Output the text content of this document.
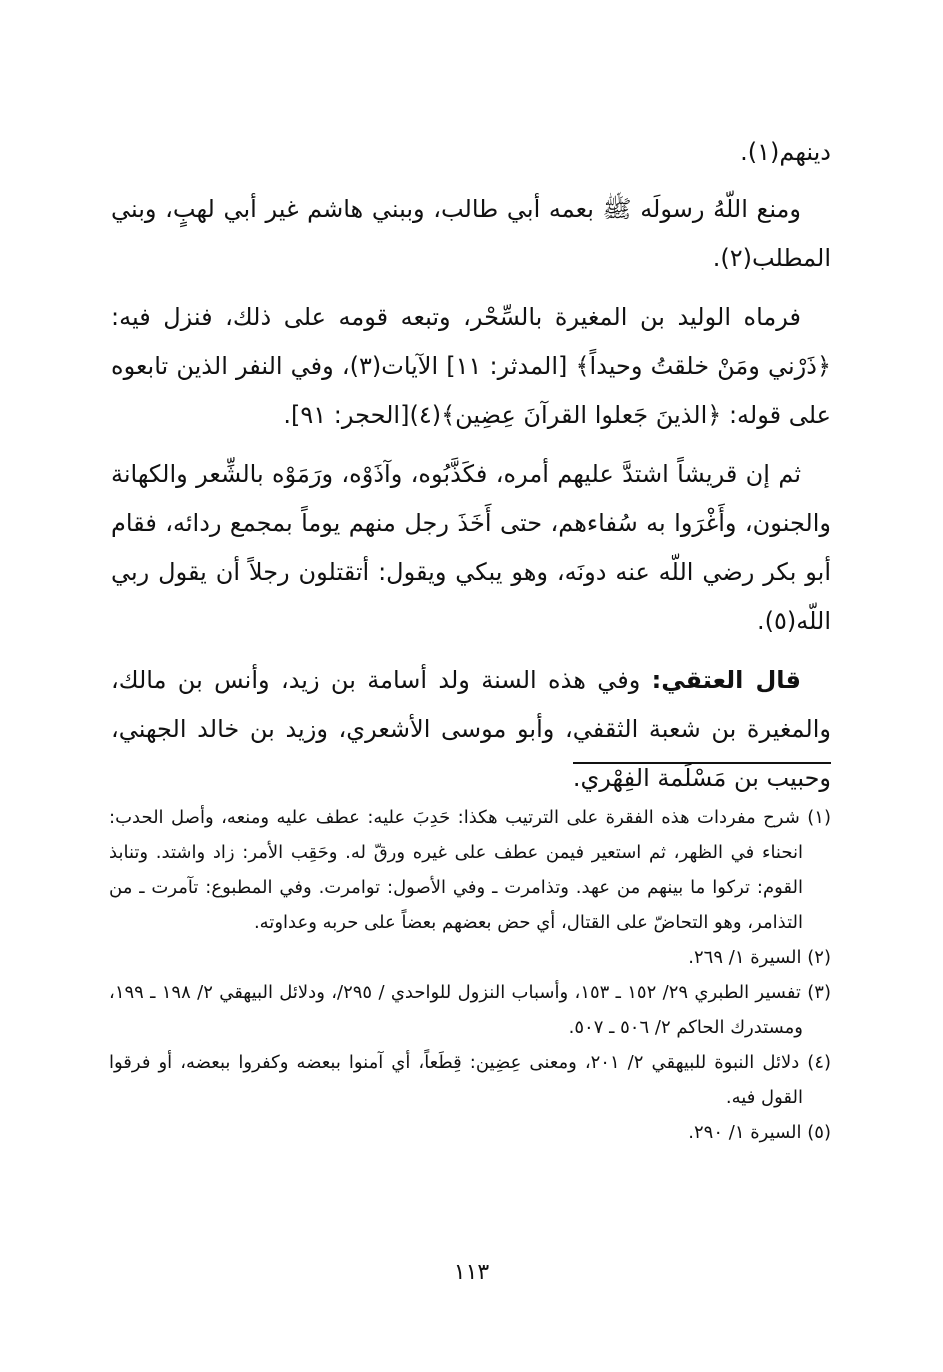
دينهم(١).

ومنع اللّهُ رسولَه ﷺ بعمه أبي طالب، وببني هاشم غير أبي لهبٍ، وبني المطلب(٢).

فرماه الوليد بن المغيرة بالسِّحْر، وتبعه قومه على ذلك، فنزل فيه: ﴿ذَرْني ومَنْ خلقتُ وحيداً﴾ [المدثر: ١١] الآيات(٣)، وفي النفر الذين تابعوه على قوله: ﴿الذينَ جَعلوا القرآنَ عِضِين﴾(٤)[الحجر: ٩١].

ثم إن قريشاً اشتدَّ عليهم أمره، فكَذَّبُوه، وآذَوْه، ورَمَوْه بالشِّعر والكهانة والجنون، وأَغْرَوا به سُفاءهم، حتى أَخَذَ رجل منهم يوماً بمجمع ردائه، فقام أبو بكر رضي اللّه عنه دونَه، وهو يبكي ويقول: أتقتلون رجلاً أن يقول ربي اللّه(٥).

قال العتقي: وفي هذه السنة ولد أسامة بن زيد، وأنس بن مالك، والمغيرة بن شعبة الثقفي، وأبو موسى الأشعري، وزيد بن خالد الجهني، وحبيب بن مَسْلَمة الفِهْري.

(١) شرح مفردات هذه الفقرة على الترتيب هكذا: حَدِبَ عليه: عطف عليه ومنعه، وأصل الحدب: انحناء في الظهر، ثم استعير فيمن عطف على غيره ورقّ له. وحَقِب الأمر: زاد واشتد. وتنابذ القوم: تركوا ما بينهم من عهد. وتذامرت ـ وفي الأصول: توامرت. وفي المطبوع: تآمرت ـ من التذامر، وهو التحاضّ على القتال، أي حض بعضهم بعضاً على حربه وعداوته.

(٢) السيرة ١/ ٢٦٩.

(٣) تفسير الطبري ٢٩/ ١٥٢ ـ ١٥٣، وأسباب النزول للواحدي / ٢٩٥/، ودلائل البيهقي ٢/ ١٩٨ ـ ١٩٩، ومستدرك الحاكم ٢/ ٥٠٦ ـ ٥٠٧.

(٤) دلائل النبوة للبيهقي ٢/ ٢٠١، ومعنى عِضِين: قِطَعاً، أي آمنوا ببعضه وكفروا ببعضه، أو فرقوا القول فيه.

(٥) السيرة ١/ ٢٩٠.

١١٣
